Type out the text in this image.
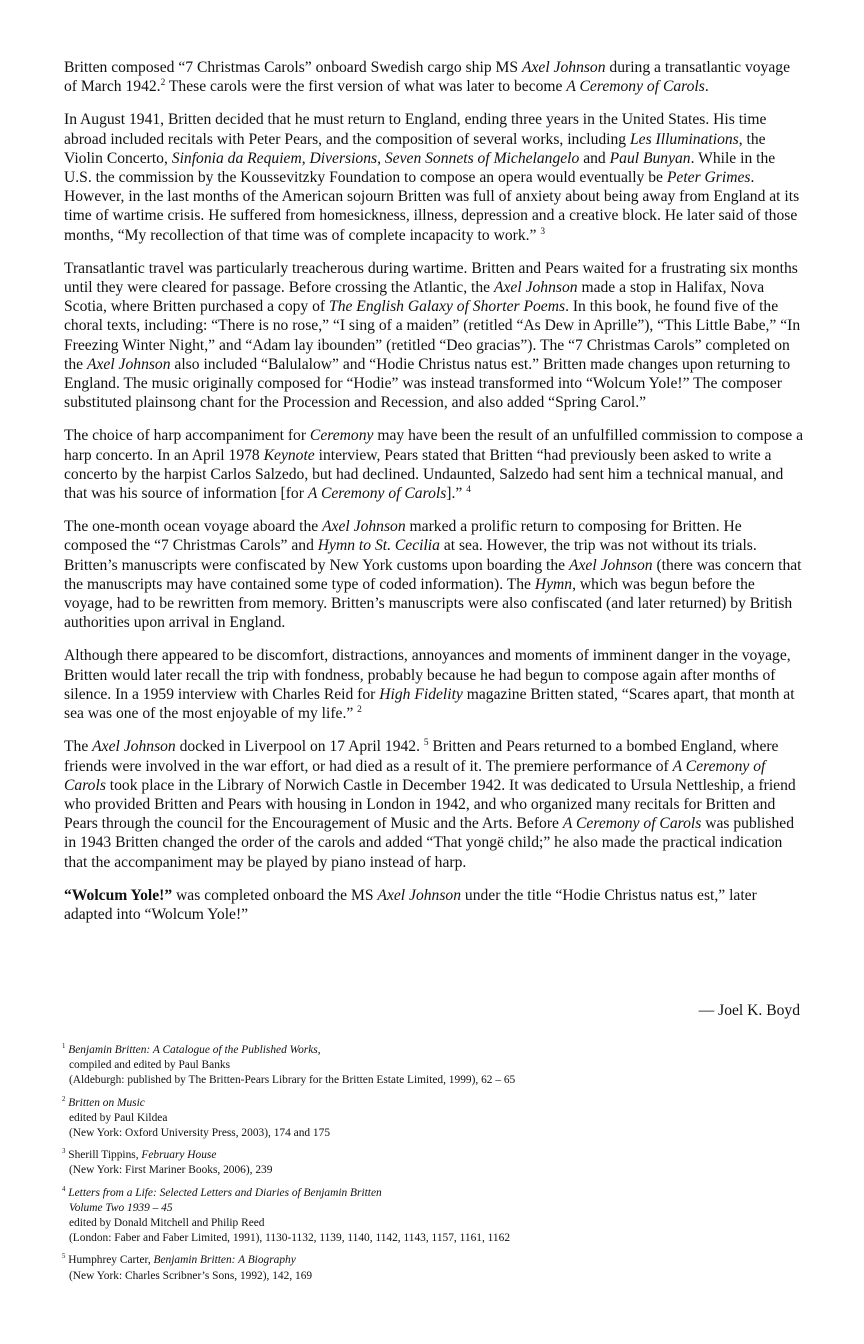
Britten composed “7 Christmas Carols” onboard Swedish cargo ship MS Axel Johnson during a transatlantic voyage of March 1942.$^2$ These carols were the first version of what was later to become A Ceremony of Carols.

In August 1941, Britten decided that he must return to England, ending three years in the United States. His time abroad included recitals with Peter Pears, and the composition of several works, including Les Illuminations, the Violin Concerto, Sinfonia da Requiem, Diversions, Seven Sonnets of Michelangelo and Paul Bunyan. While in the U.S. the commission by the Koussevitzky Foundation to compose an opera would eventually be Peter Grimes. However, in the last months of the American sojourn Britten was full of anxiety about being away from England at its time of wartime crisis. He suffered from homesickness, illness, depression and a creative block. He later said of those months, “My recollection of that time was of complete incapacity to work.” $^3$

Transatlantic travel was particularly treacherous during wartime. Britten and Pears waited for a frustrating six months until they were cleared for passage. Before crossing the Atlantic, the Axel Johnson made a stop in Halifax, Nova Scotia, where Britten purchased a copy of The English Galaxy of Shorter Poems. In this book, he found five of the choral texts, including: “There is no rose,” “I sing of a maiden” (retitled “As Dew in Aprille”), “This Little Babe,” “In Freezing Winter Night,” and “Adam lay ibounden” (retitled “Deo gracias”). The “7 Christmas Carols” completed on the Axel Johnson also included “Balulalow” and “Hodie Christus natus est.” Britten made changes upon returning to England. The music originally composed for “Hodie” was instead transformed into “Wolcum Yole!” The composer substituted plainsong chant for the Procession and Recession, and also added “Spring Carol.”

The choice of harp accompaniment for Ceremony may have been the result of an unfulfilled commission to compose a harp concerto. In an April 1978 Keynote interview, Pears stated that Britten “had previously been asked to write a concerto by the harpist Carlos Salzedo, but had declined. Undaunted, Salzedo had sent him a technical manual, and that was his source of information [for A Ceremony of Carols].” $^4$

The one-month ocean voyage aboard the Axel Johnson marked a prolific return to composing for Britten. He composed the “7 Christmas Carols” and Hymn to St. Cecilia at sea. However, the trip was not without its trials. Britten’s manuscripts were confiscated by New York customs upon boarding the Axel Johnson (there was concern that the manuscripts may have contained some type of coded information). The Hymn, which was begun before the voyage, had to be rewritten from memory. Britten’s manuscripts were also confiscated (and later returned) by British authorities upon arrival in England.

Although there appeared to be discomfort, distractions, annoyances and moments of imminent danger in the voyage, Britten would later recall the trip with fondness, probably because he had begun to compose again after months of silence. In a 1959 interview with Charles Reid for High Fidelity magazine Britten stated, “Scares apart, that month at sea was one of the most enjoyable of my life.” $^2$

The Axel Johnson docked in Liverpool on 17 April 1942. $^5$ Britten and Pears returned to a bombed England, where friends were involved in the war effort, or had died as a result of it. The premiere performance of A Ceremony of Carols took place in the Library of Norwich Castle in December 1942. It was dedicated to Ursula Nettleship, a friend who provided Britten and Pears with housing in London in 1942, and who organized many recitals for Britten and Pears through the council for the Encouragement of Music and the Arts. Before A Ceremony of Carols was published in 1943 Britten changed the order of the carols and added “That yongë child;” he also made the practical indication that the accompaniment may be played by piano instead of harp.

“Wolcum Yole!” was completed onboard the MS Axel Johnson under the title “Hodie Christus natus est,” later adapted into “Wolcum Yole!”

— Joel K. Boyd
$^1$ Benjamin Britten: A Catalogue of the Published Works,
compiled and edited by Paul Banks
(Aldeburgh: published by The Britten-Pears Library for the Britten Estate Limited, 1999), 62 – 65
$^2$ Britten on Music
edited by Paul Kildea
(New York: Oxford University Press, 2003), 174 and 175
$^3$ Sherill Tippins, February House
(New York: First Mariner Books, 2006), 239
$^4$ Letters from a Life: Selected Letters and Diaries of Benjamin Britten
Volume Two 1939 – 45
edited by Donald Mitchell and Philip Reed
(London: Faber and Faber Limited, 1991), 1130-1132, 1139, 1140, 1142, 1143, 1157, 1161, 1162
$^5$ Humphrey Carter, Benjamin Britten: A Biography
(New York: Charles Scribner’s Sons, 1992), 142, 169
